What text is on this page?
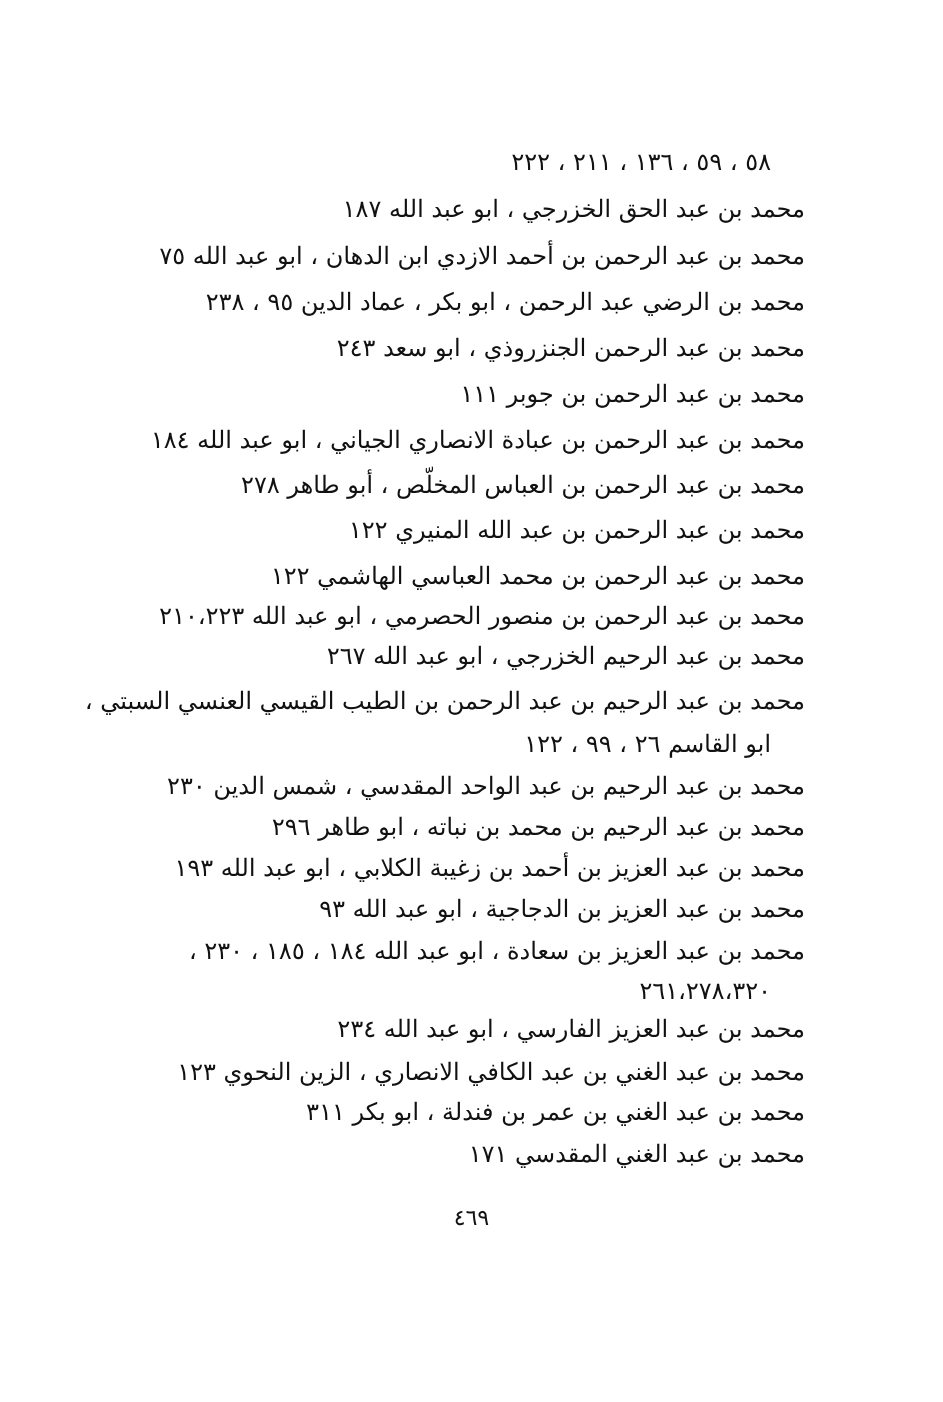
٥٨ ، ٥٩ ، ١٣٦ ، ٢١١ ، ٢٢٢
محمد بن عبد الحق الخزرجي ، ابو عبد الله ١٨٧
محمد بن عبد الرحمن بن أحمد الازدي ابن الدهان ، ابو عبد الله ٧٥
محمد بن الرضي عبد الرحمن ، ابو بكر ، عماد الدين ٩٥ ، ٢٣٨
محمد بن عبد الرحمن الجنزروذي ، ابو سعد ٢٤٣
محمد بن عبد الرحمن بن جوبر ١١١
محمد بن عبد الرحمن بن عبادة الانصاري الجياني ، ابو عبد الله ١٨٤
محمد بن عبد الرحمن بن العباس المخلّص ، أبو طاهر ٢٧٨
محمد بن عبد الرحمن بن عبد الله المنيري ١٢٢
محمد بن عبد الرحمن بن محمد العباسي الهاشمي ١٢٢
محمد بن عبد الرحمن بن منصور الحصرمي ، ابو عبد الله ٢١٠،٢٢٣
محمد بن عبد الرحيم الخزرجي ، ابو عبد الله ٢٦٧
محمد بن عبد الرحيم بن عبد الرحمن بن الطيب القيسي العنسي السبتي ،
ابو القاسم ٢٦ ، ٩٩ ، ١٢٢
محمد بن عبد الرحيم بن عبد الواحد المقدسي ، شمس الدين ٢٣٠
محمد بن عبد الرحيم بن محمد بن نباته ، ابو طاهر ٢٩٦
محمد بن عبد العزيز بن أحمد بن زغيبة الكلابي ، ابو عبد الله ١٩٣
محمد بن عبد العزيز بن الدجاجية ، ابو عبد الله ٩٣
محمد بن عبد العزيز بن سعادة ، ابو عبد الله ١٨٤ ، ١٨٥ ، ٢٣٠ ،
٢٦١،٢٧٨،٣٢٠
محمد بن عبد العزيز الفارسي ، ابو عبد الله ٢٣٤
محمد بن عبد الغني بن عبد الكافي الانصاري ، الزين النحوي ١٢٣
محمد بن عبد الغني بن عمر بن فندلة ، ابو بكر ٣١١
محمد بن عبد الغني المقدسي ١٧١
٤٦٩
